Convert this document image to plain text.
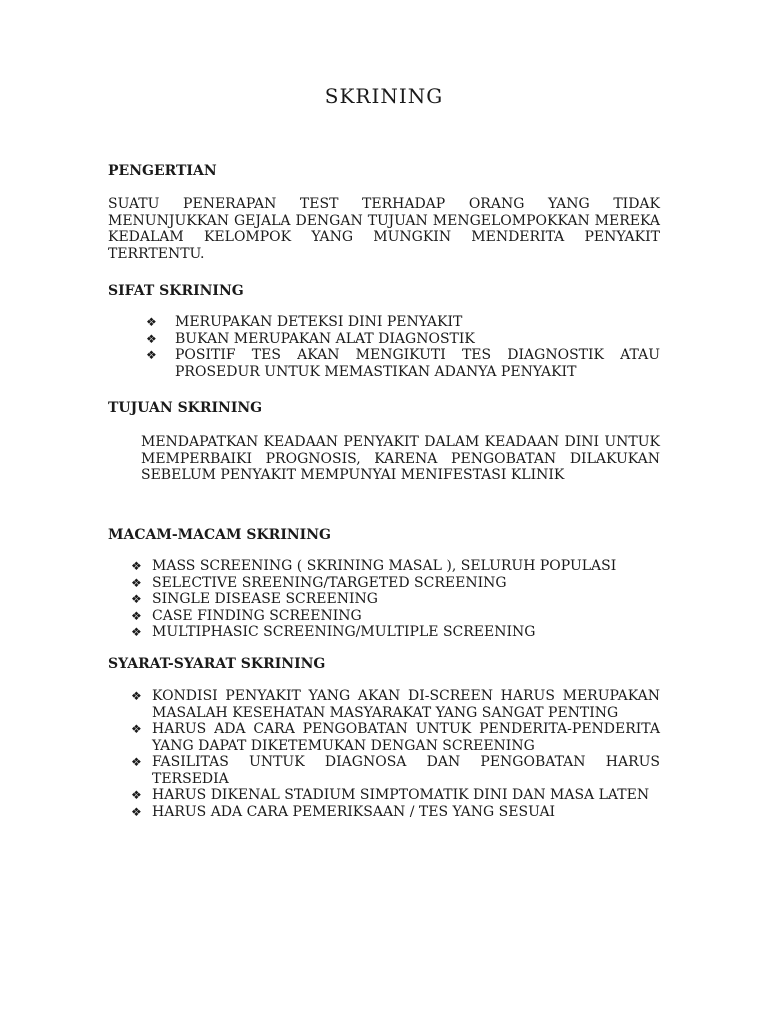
SKRINING
PENGERTIAN

SUATU PENERAPAN TEST TERHADAP ORANG YANG TIDAK MENUNJUKKAN GEJALA DENGAN TUJUAN MENGELOMPOKKAN MEREKA KEDALAM KELOMPOK YANG MUNGKIN MENDERITA PENYAKIT TERRTENTU.

SIFAT SKRINING
❖ MERUPAKAN DETEKSI DINI PENYAKIT
❖ BUKAN MERUPAKAN ALAT DIAGNOSTIK
❖ POSITIF TES AKAN MENGIKUTI TES DIAGNOSTIK ATAU PROSEDUR UNTUK MEMASTIKAN ADANYA PENYAKIT
TUJUAN SKRINING

MENDAPATKAN KEADAAN PENYAKIT DALAM KEADAAN DINI UNTUK MEMPERBAIKI PROGNOSIS, KARENA PENGOBATAN DILAKUKAN SEBELUM PENYAKIT MEMPUNYAI MENIFESTASI KLINIK

MACAM-MACAM SKRINING
❖ MASS SCREENING ( SKRINING MASAL ), SELURUH POPULASI
❖ SELECTIVE SREENING/TARGETED SCREENING
❖ SINGLE DISEASE SCREENING
❖ CASE FINDING SCREENING
❖ MULTIPHASIC SCREENING/MULTIPLE SCREENING
SYARAT-SYARAT SKRINING
❖ KONDISI PENYAKIT YANG AKAN DI-SCREEN HARUS MERUPAKAN MASALAH KESEHATAN MASYARAKAT YANG SANGAT PENTING
❖ HARUS ADA CARA PENGOBATAN UNTUK PENDERITA-PENDERITA YANG DAPAT DIKETEMUKAN DENGAN SCREENING
❖ FASILITAS UNTUK DIAGNOSA DAN PENGOBATAN HARUS TERSEDIA
❖ HARUS DIKENAL STADIUM SIMPTOMATIK DINI DAN MASA LATEN
❖ HARUS ADA CARA PEMERIKSAAN / TES YANG SESUAI
